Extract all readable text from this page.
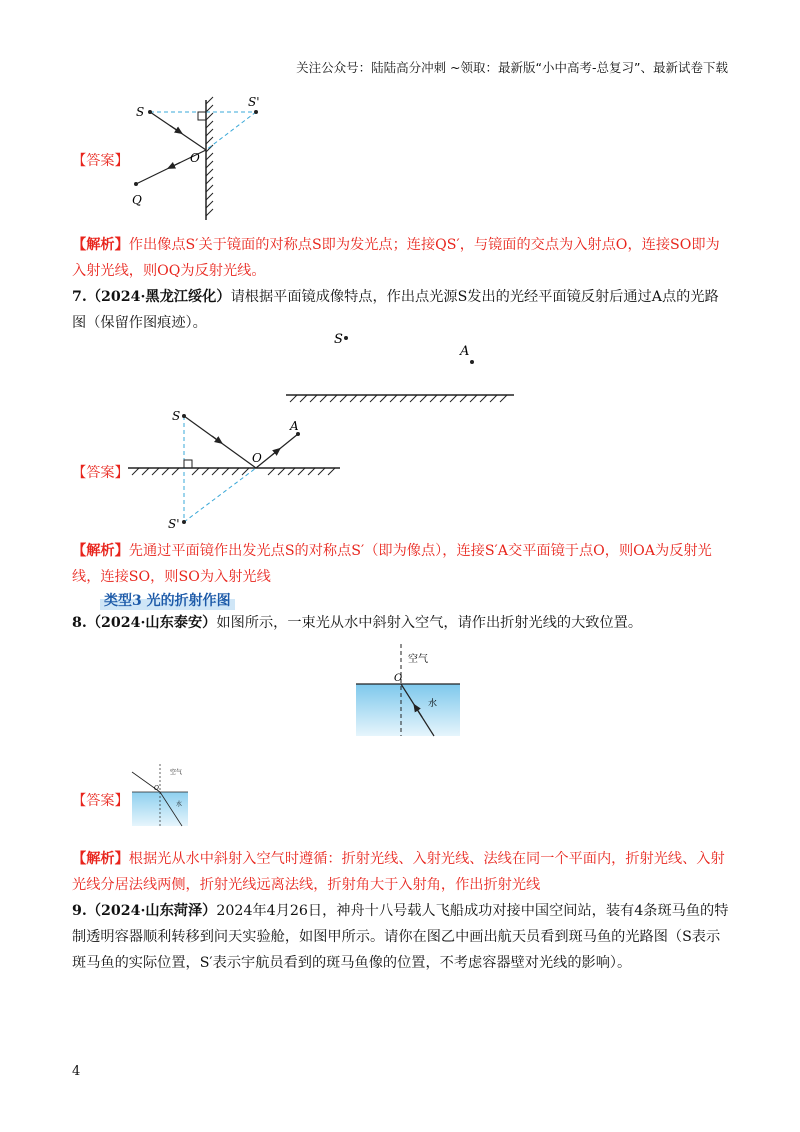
关注公众号：陆陆高分冲刺 ~领取：最新版“小中高考-总复习”、最新试卷下载
【答案】
S
S'
O
Q
【解析】作出像点S′关于镜面的对称点S即为发光点；连接QS′，与镜面的交点为入射点O，连接SO即为入射光线，则OQ为反射光线。
7.（2024·黑龙江绥化）请根据平面镜成像特点，作出点光源S发出的光经平面镜反射后通过A点的光路图（保留作图痕迹）。
S
A
【答案】
S
A
O
S'
【解析】先通过平面镜作出发光点S的对称点S′（即为像点），连接S′A交平面镜于点O，则OA为反射光线，连接SO，则SO为入射光线
类型3 光的折射作图
8.（2024·山东泰安）如图所示，一束光从水中斜射入空气，请作出折射光线的大致位置。
空气
O
水
【答案】
空气
O
水
【解析】根据光从水中斜射入空气时遵循：折射光线、入射光线、法线在同一个平面内，折射光线、入射光线分居法线两侧，折射光线远离法线，折射角大于入射角，作出折射光线
9.（2024·山东菏泽）2024年4月26日，神舟十八号载人飞船成功对接中国空间站，装有4条斑马鱼的特制透明容器顺利转移到问天实验舱，如图甲所示。请你在图乙中画出航天员看到斑马鱼的光路图（S表示斑马鱼的实际位置，S′表示宇航员看到的斑马鱼像的位置，不考虑容器壁对光线的影响）。
4
